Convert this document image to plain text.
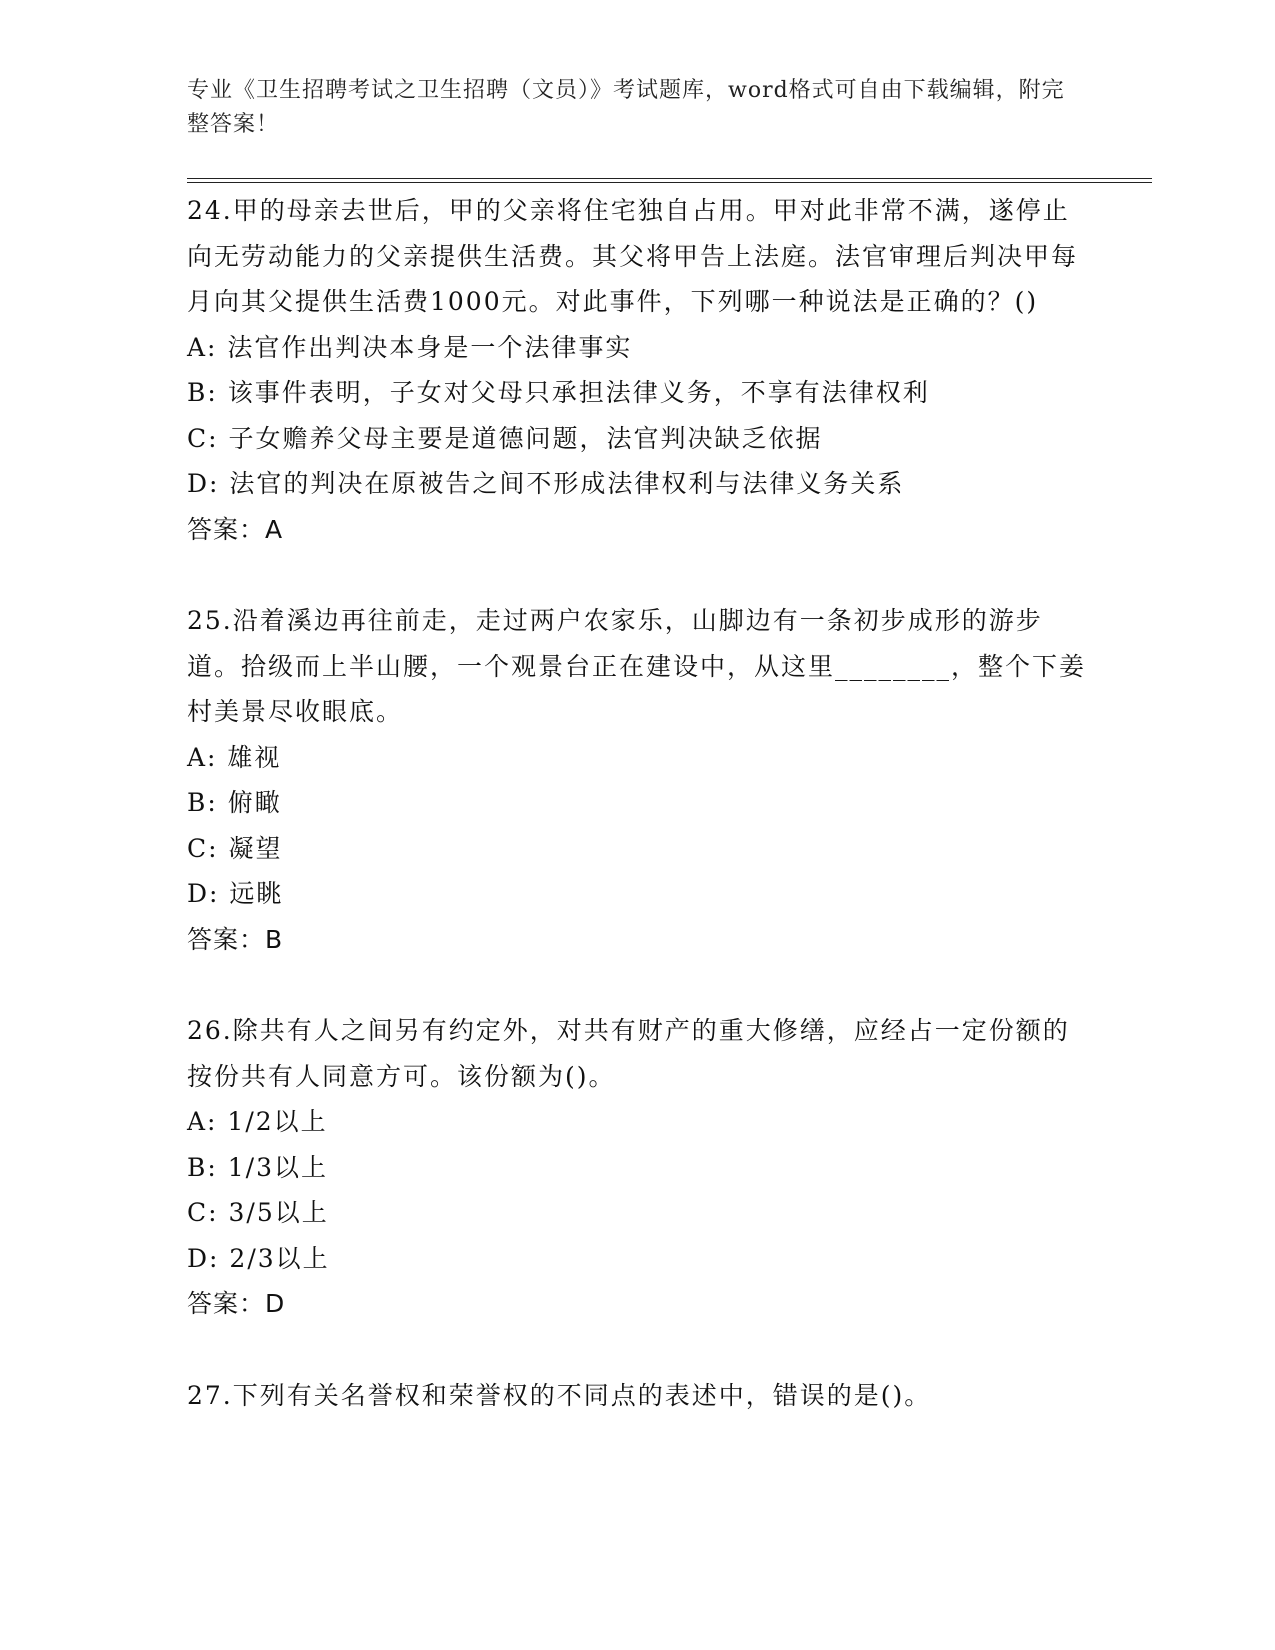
专业《卫生招聘考试之卫生招聘（文员）》考试题库，word格式可自由下载编辑，附完整答案！

24.甲的母亲去世后，甲的父亲将住宅独自占用。甲对此非常不满，遂停止向无劳动能力的父亲提供生活费。其父将甲告上法庭。法官审理后判决甲每月向其父提供生活费1000元。对此事件，下列哪一种说法是正确的？()

A: 法官作出判决本身是一个法律事实

B: 该事件表明，子女对父母只承担法律义务，不享有法律权利

C: 子女赡养父母主要是道德问题，法官判决缺乏依据

D: 法官的判决在原被告之间不形成法律权利与法律义务关系

答案：A

25.沿着溪边再往前走，走过两户农家乐，山脚边有一条初步成形的游步道。拾级而上半山腰，一个观景台正在建设中，从这里________，整个下姜村美景尽收眼底。

A: 雄视

B: 俯瞰

C: 凝望

D: 远眺

答案：B

26.除共有人之间另有约定外，对共有财产的重大修缮，应经占一定份额的按份共有人同意方可。该份额为()。

A: 1/2以上

B: 1/3以上

C: 3/5以上

D: 2/3以上

答案：D

27.下列有关名誉权和荣誉权的不同点的表述中，错误的是()。
